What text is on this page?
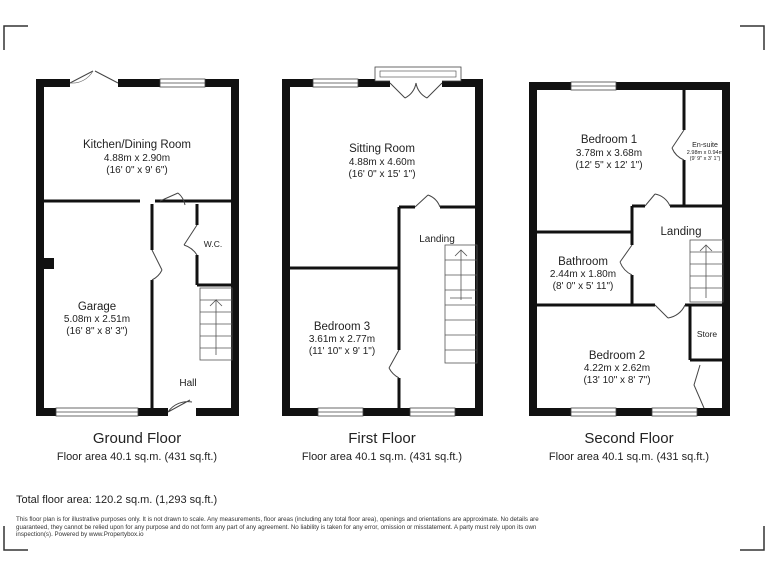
Kitchen/Dining Room
4.88m x 2.90m
(16' 0" x 9' 6")
Garage
5.08m x 2.51m
(16' 8" x 8' 3")
W.C.
Hall
Ground Floor
Floor area 40.1 sq.m. (431 sq.ft.)
Sitting Room
4.88m x 4.60m
(16' 0" x 15' 1")
Bedroom 3
3.61m x 2.77m
(11' 10" x 9' 1")
Landing
First Floor
Floor area 40.1 sq.m. (431 sq.ft.)
Bedroom 1
3.78m x 3.68m
(12' 5" x 12' 1")
En-suite
2.98m x 0.94m
(9' 9" x 3' 1")
Landing
Bathroom
2.44m x 1.80m
(8' 0" x 5' 11")
Store
Bedroom 2
4.22m x 2.62m
(13' 10" x 8' 7")
Second Floor
Floor area 40.1 sq.m. (431 sq.ft.)
Total floor area: 120.2 sq.m. (1,293 sq.ft.)
This floor plan is for illustrative purposes only. It is not drawn to scale. Any measurements, floor areas (including any total floor area), openings and orientations are approximate. No details are guaranteed, they cannot be relied upon for any purpose and do not form any part of any agreement. No liability is taken for any error, omission or misstatement. A party must rely upon its own inspection(s). Powered by www.Propertybox.io
